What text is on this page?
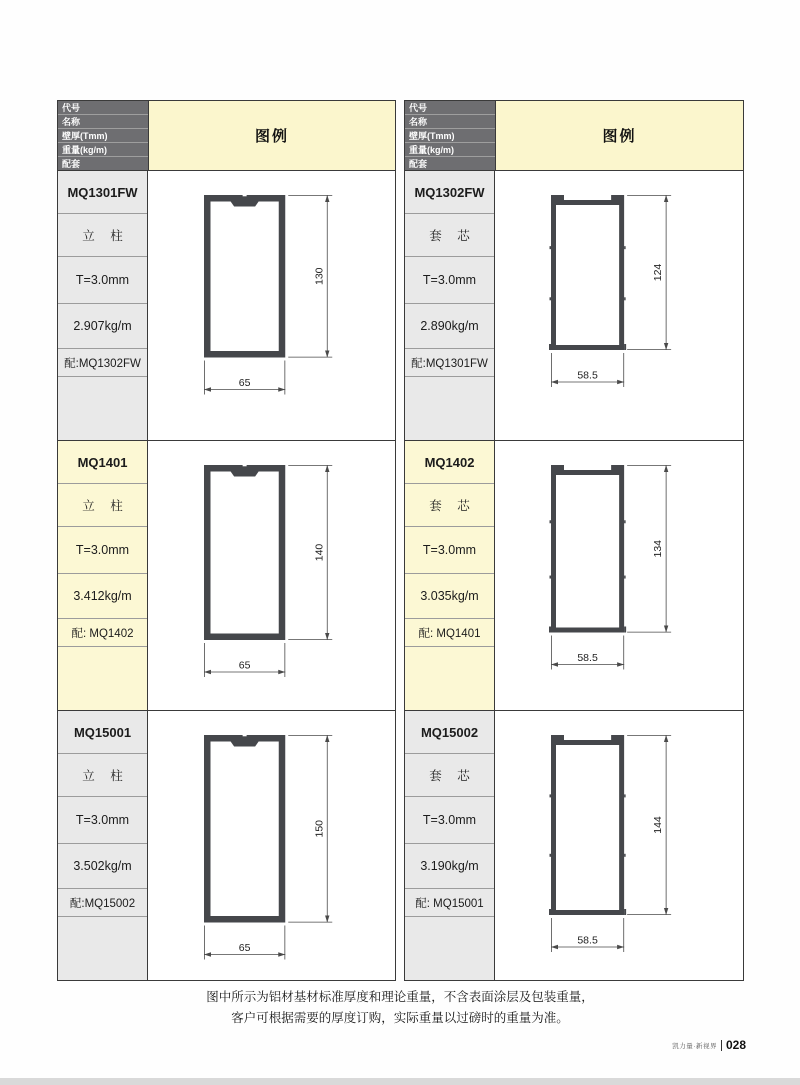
代号
名称
壁厚(Tmm)
重量(kg/m)
配套
图例
MQ1301FW
立 柱
T=3.0mm
2.907kg/m
配:MQ1302FW
130
65
MQ1401
立 柱
T=3.0mm
3.412kg/m
配: MQ1402
140
65
MQ15001
立 柱
T=3.0mm
3.502kg/m
配:MQ15002
150
65
代号
名称
壁厚(Tmm)
重量(kg/m)
配套
图例
MQ1302FW
套 芯
T=3.0mm
2.890kg/m
配:MQ1301FW
124
58.5
MQ1402
套 芯
T=3.0mm
3.035kg/m
配: MQ1401
134
58.5
MQ15002
套 芯
T=3.0mm
3.190kg/m
配: MQ15001
144
58.5
图中所示为铝材基材标准厚度和理论重量，不含表面涂层及包装重量，
客户可根据需要的厚度订购，实际重量以过磅时的重量为准。
凯力量·新视界 028
